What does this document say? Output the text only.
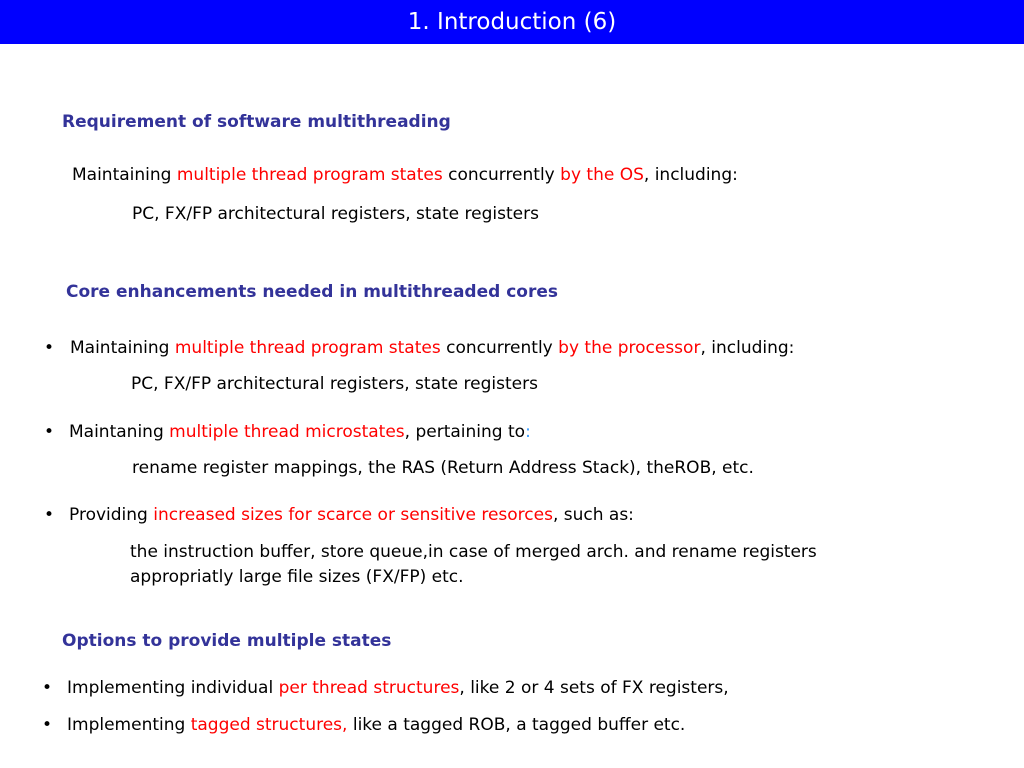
1. Introduction (6)
Requirement of software multithreading
Maintaining multiple thread program states concurrently by the OS, including:
PC, FX/FP architectural registers, state registers
Core enhancements needed in multithreaded cores
• Maintaining multiple thread program states concurrently by the processor, including:
PC, FX/FP architectural registers, state registers
• Maintaning multiple thread microstates, pertaining to:
rename register mappings, the RAS (Return Address Stack), theROB, etc.
• Providing increased sizes for scarce or sensitive resorces, such as:
the instruction buffer, store queue,in case of merged arch. and rename registers
appropriatly large file sizes (FX/FP) etc.
Options to provide multiple states
• Implementing individual per thread structures, like 2 or 4 sets of FX registers,
• Implementing tagged structures, like a tagged ROB, a tagged buffer etc.
